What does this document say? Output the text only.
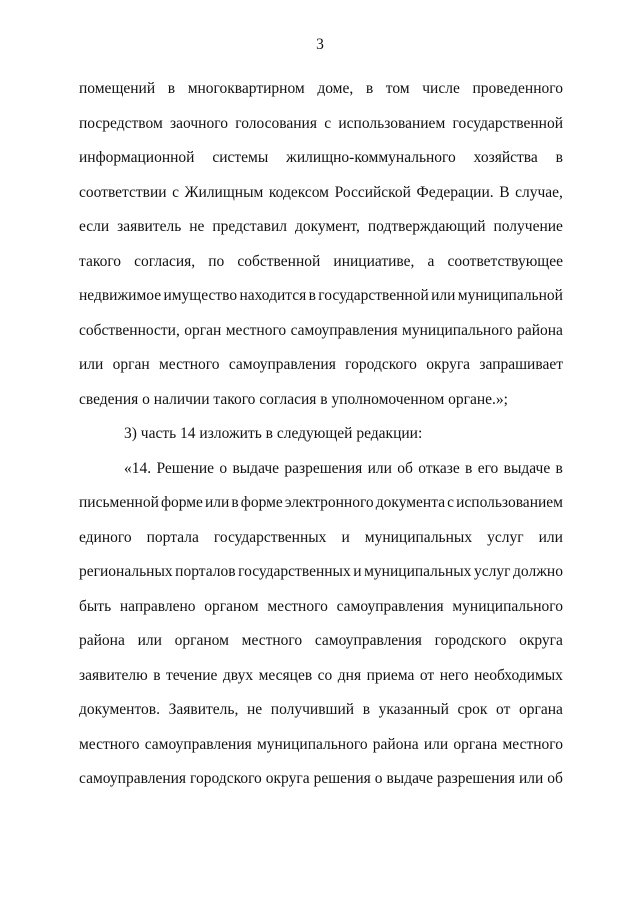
3
помещений в многоквартирном доме, в том числе проведенного
посредством заочного голосования с использованием государственной
информационной системы жилищно-коммунального хозяйства в
соответствии с Жилищным кодексом Российской Федерации. В случае,
если заявитель не представил документ, подтверждающий получение
такого согласия, по собственной инициативе, а соответствующее
недвижимое имущество находится в государственной или муниципальной
собственности, орган местного самоуправления муниципального района
или орган местного самоуправления городского округа запрашивает
сведения о наличии такого согласия в уполномоченном органе.»;
3) часть 14 изложить в следующей редакции:
«14. Решение о выдаче разрешения или об отказе в его выдаче в
письменной форме или в форме электронного документа с использованием
единого портала государственных и муниципальных услуг или
региональных порталов государственных и муниципальных услуг должно
быть направлено органом местного самоуправления муниципального
района или органом местного самоуправления городского округа
заявителю в течение двух месяцев со дня приема от него необходимых
документов. Заявитель, не получивший в указанный срок от органа
местного самоуправления муниципального района или органа местного
самоуправления городского округа решения о выдаче разрешения или об
